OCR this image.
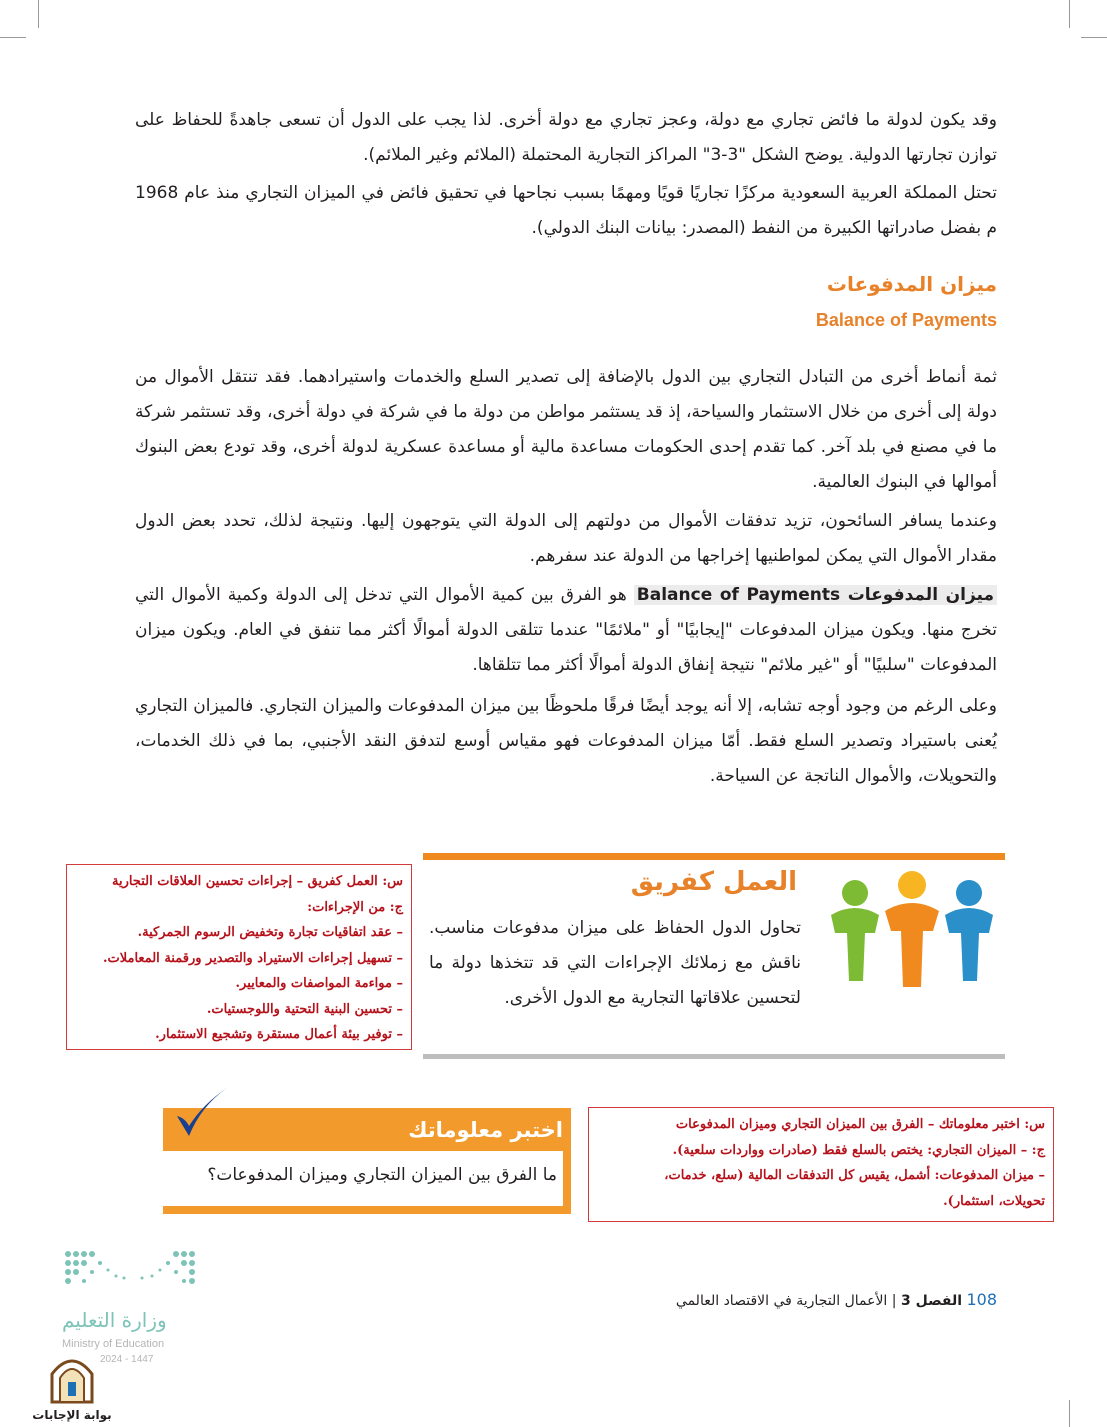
وقد يكون لدولة ما فائض تجاري مع دولة، وعجز تجاري مع دولة أخرى. لذا يجب على الدول أن تسعى جاهدةً للحفاظ على توازن تجارتها الدولية. يوضح الشكل "3-3" المراكز التجارية المحتملة (الملائم وغير الملائم).
تحتل المملكة العربية السعودية مركزًا تجاريًا قويًا ومهمًا بسبب نجاحها في تحقيق فائض في الميزان التجاري منذ عام 1968 م بفضل صادراتها الكبيرة من النفط (المصدر: بيانات البنك الدولي).
ميزان المدفوعات
Balance of Payments
ثمة أنماط أخرى من التبادل التجاري بين الدول بالإضافة إلى تصدير السلع والخدمات واستيرادهما. فقد تنتقل الأموال من دولة إلى أخرى من خلال الاستثمار والسياحة، إذ قد يستثمر مواطن من دولة ما في شركة في دولة أخرى، وقد تستثمر شركة ما في مصنع في بلد آخر. كما تقدم إحدى الحكومات مساعدة مالية أو مساعدة عسكرية لدولة أخرى، وقد تودع بعض البنوك أموالها في البنوك العالمية.
وعندما يسافر السائحون، تزيد تدفقات الأموال من دولتهم إلى الدولة التي يتوجهون إليها. ونتيجة لذلك، تحدد بعض الدول مقدار الأموال التي يمكن لمواطنيها إخراجها من الدولة عند سفرهم.
ميزان المدفوعات Balance of Payments هو الفرق بين كمية الأموال التي تدخل إلى الدولة وكمية الأموال التي تخرج منها. ويكون ميزان المدفوعات "إيجابيًا" أو "ملائمًا" عندما تتلقى الدولة أموالًا أكثر مما تنفق في العام. ويكون ميزان المدفوعات "سلبيًا" أو "غير ملائم" نتيجة إنفاق الدولة أموالًا أكثر مما تتلقاها.
وعلى الرغم من وجود أوجه تشابه، إلا أنه يوجد أيضًا فرقًا ملحوظًا بين ميزان المدفوعات والميزان التجاري. فالميزان التجاري يُعنى باستيراد وتصدير السلع فقط. أمّا ميزان المدفوعات فهو مقياس أوسع لتدفق النقد الأجنبي، بما في ذلك الخدمات، والتحويلات، والأموال الناتجة عن السياحة.
س: العمل كفريق – إجراءات تحسين العلاقات التجارية
ج: من الإجراءات:
– عقد اتفاقيات تجارة وتخفيض الرسوم الجمركية.
– تسهيل إجراءات الاستيراد والتصدير ورقمنة المعاملات.
– مواءمة المواصفات والمعايير.
– تحسين البنية التحتية واللوجستيات.
– توفير بيئة أعمال مستقرة وتشجيع الاستثمار.
العمل كفريق
تحاول الدول الحفاظ على ميزان مدفوعات مناسب. ناقش مع زملائك الإجراءات التي قد تتخذها دولة ما لتحسين علاقاتها التجارية مع الدول الأخرى.
اختبر معلوماتك
ما الفرق بين الميزان التجاري وميزان المدفوعات؟
س: اختبر معلوماتك – الفرق بين الميزان التجاري وميزان المدفوعات
ج: – الميزان التجاري: يختص بالسلع فقط (صادرات وواردات سلعية).
– ميزان المدفوعات: أشمل، يقيس كل التدفقات المالية (سلع، خدمات،
تحويلات، استثمار).
وزارة التعليم
Ministry of Education
2024 - 1447
108 الفصل 3 | الأعمال التجارية في الاقتصاد العالمي
بوابة الإجابات
